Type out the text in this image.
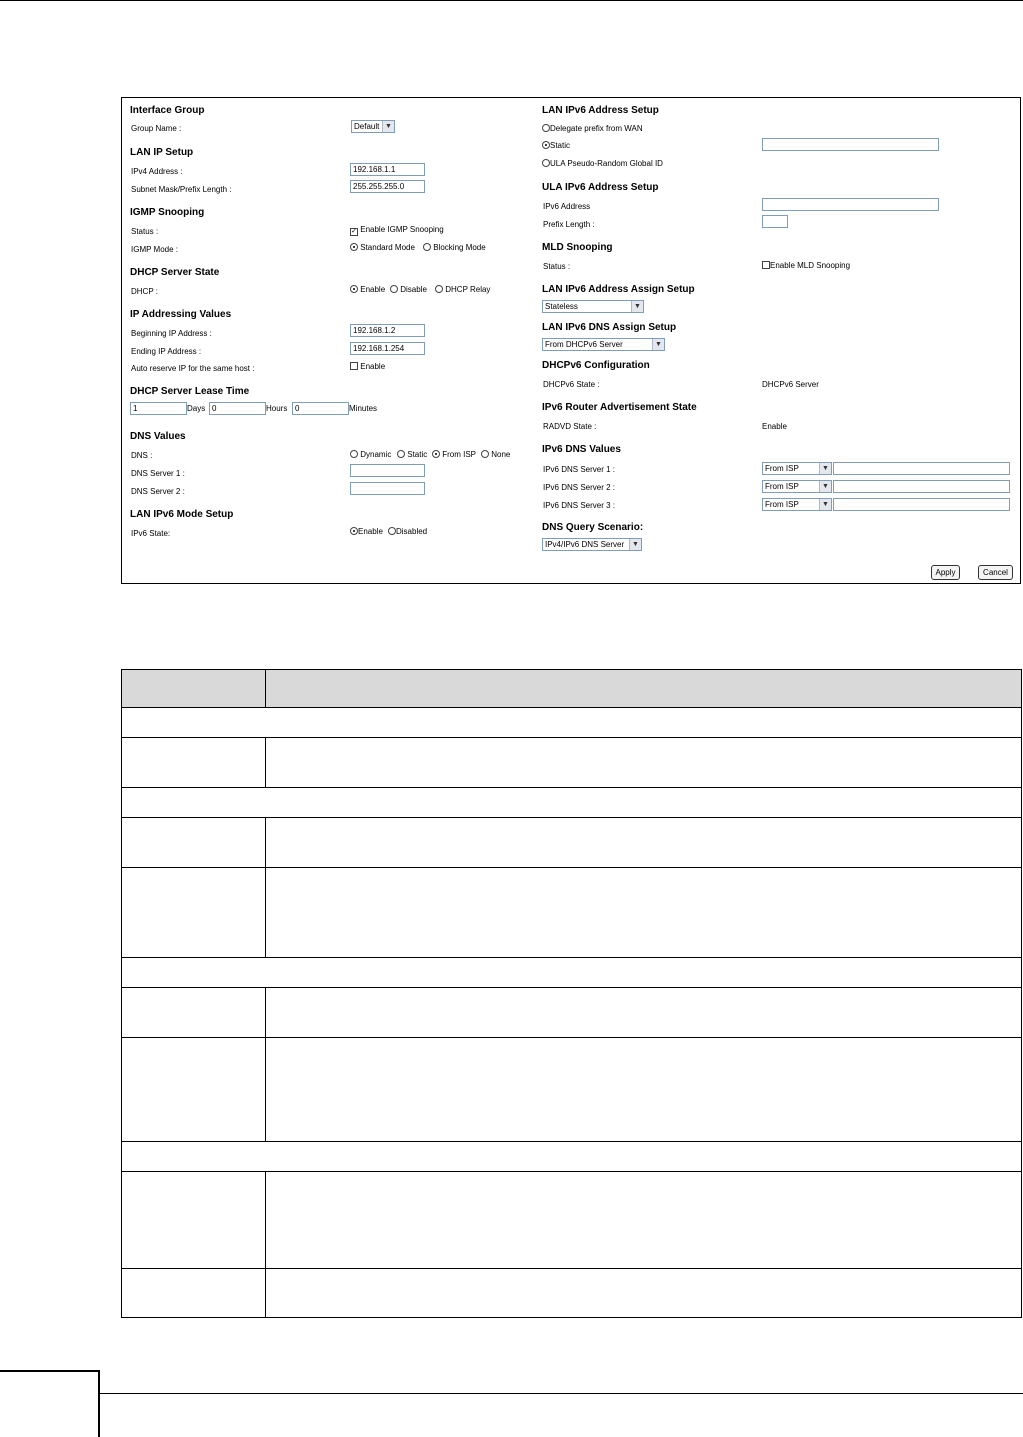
Interface Group
Group Name :	Default ▼
LAN IP Setup
IPv4 Address :	192.168.1.1
Subnet Mask/Prefix Length :	255.255.255.0
IGMP Snooping
Status :	✓ Enable IGMP Snooping
IGMP Mode :	Standard Mode	Blocking Mode
DHCP Server State
DHCP :	Enable	Disable	DHCP Relay
IP Addressing Values
Beginning IP Address :	192.168.1.2
Ending IP Address :	192.168.1.254
Auto reserve IP for the same host :	Enable
DHCP Server Lease Time
1	Days 0	Hours 0	Minutes
DNS Values
DNS :	Dynamic	Static	From ISP	None
DNS Server 1 :
DNS Server 2 :
LAN IPv6 Mode Setup
IPv6 State:	Enable	Disabled
LAN IPv6 Address Setup
Delegate prefix from WAN
Static
ULA Pseudo-Random Global ID
ULA IPv6 Address Setup
IPv6 Address
Prefix Length :
MLD Snooping
Status :	Enable MLD Snooping
LAN IPv6 Address Assign Setup
Stateless	▼
LAN IPv6 DNS Assign Setup
From DHCPv6 Server	▼
DHCPv6 Configuration
DHCPv6 State :	DHCPv6 Server
IPv6 Router Advertisement State
RADVD State :	Enable
IPv6 DNS Values
IPv6 DNS Server 1 :	From ISP	▼
IPv6 DNS Server 2 :	From ISP	▼
IPv6 DNS Server 3 :	From ISP	▼
DNS Query Scenario:
IPv4/IPv6 DNS Server	▼
Apply	Cancel
